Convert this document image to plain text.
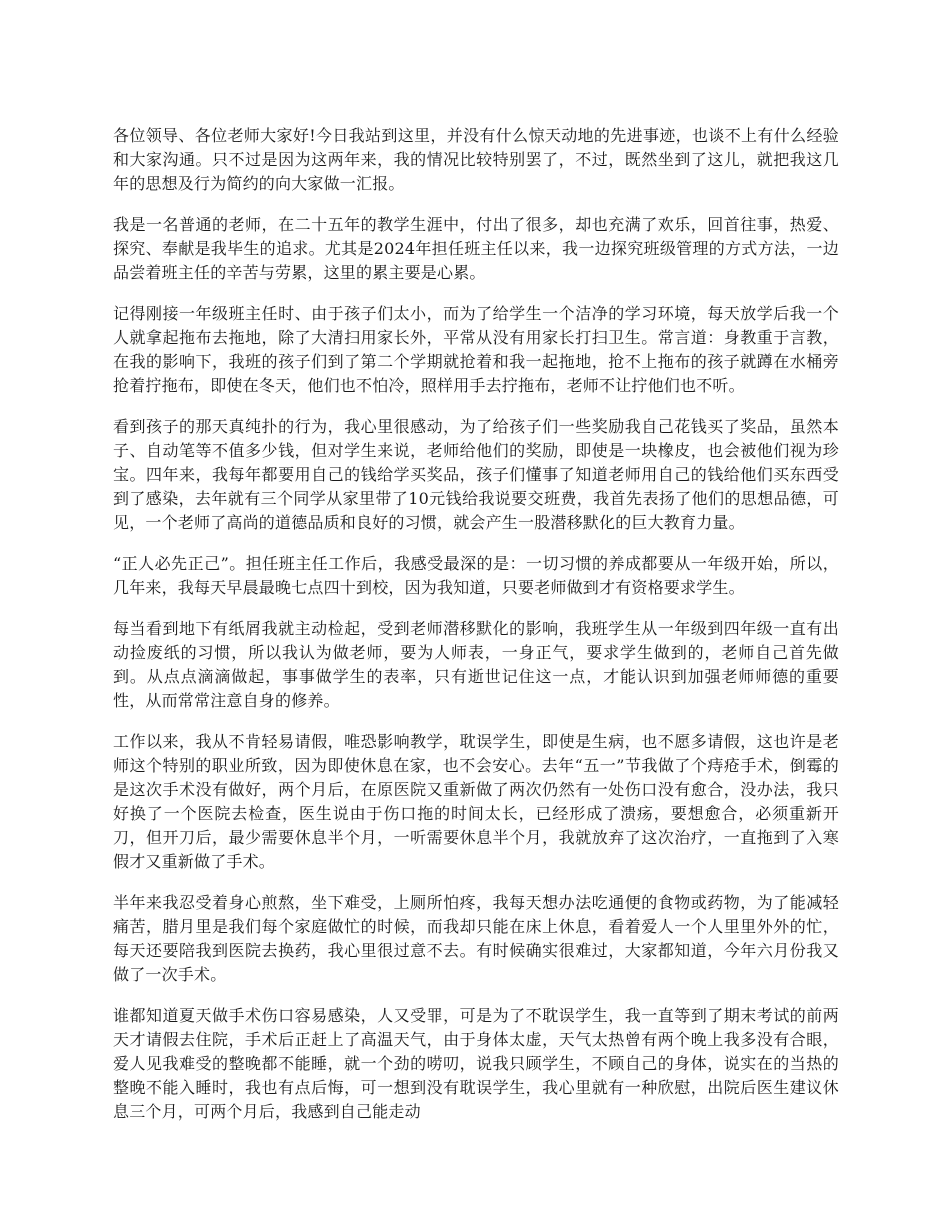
各位领导、各位老师大家好!今日我站到这里，并没有什么惊天动地的先进事迹，也谈不上有什么经验和大家沟通。只不过是因为这两年来，我的情况比较特别罢了，不过，既然坐到了这儿，就把我这几年的思想及行为简约的向大家做一汇报。

我是一名普通的老师，在二十五年的教学生涯中，付出了很多，却也充满了欢乐，回首往事，热爱、探究、奉献是我毕生的追求。尤其是2024年担任班主任以来，我一边探究班级管理的方式方法，一边品尝着班主任的辛苦与劳累，这里的累主要是心累。

记得刚接一年级班主任时、由于孩子们太小，而为了给学生一个洁净的学习环境，每天放学后我一个人就拿起拖布去拖地，除了大清扫用家长外，平常从没有用家长打扫卫生。常言道：身教重于言教，在我的影响下，我班的孩子们到了第二个学期就抢着和我一起拖地，抢不上拖布的孩子就蹲在水桶旁抢着拧拖布，即使在冬天，他们也不怕冷，照样用手去拧拖布，老师不让拧他们也不听。

看到孩子的那天真纯扑的行为，我心里很感动，为了给孩子们一些奖励我自己花钱买了奖品，虽然本子、自动笔等不值多少钱，但对学生来说，老师给他们的奖励，即使是一块橡皮，也会被他们视为珍宝。四年来，我每年都要用自己的钱给学买奖品，孩子们懂事了知道老师用自己的钱给他们买东西受到了感染，去年就有三个同学从家里带了10元钱给我说要交班费，我首先表扬了他们的思想品德，可见，一个老师了高尚的道德品质和良好的习惯，就会产生一股潜移默化的巨大教育力量。

“正人必先正己”。担任班主任工作后，我感受最深的是：一切习惯的养成都要从一年级开始，所以，几年来，我每天早晨最晚七点四十到校，因为我知道，只要老师做到才有资格要求学生。

每当看到地下有纸屑我就主动检起，受到老师潜移默化的影响，我班学生从一年级到四年级一直有出动捡废纸的习惯，所以我认为做老师，要为人师表，一身正气，要求学生做到的，老师自己首先做到。从点点滴滴做起，事事做学生的表率，只有逝世记住这一点，才能认识到加强老师师德的重要性，从而常常注意自身的修养。

工作以来，我从不肯轻易请假，唯恐影响教学，耽误学生，即使是生病，也不愿多请假，这也许是老师这个特别的职业所致，因为即使休息在家，也不会安心。去年“五一”节我做了个痔疮手术，倒霉的是这次手术没有做好，两个月后，在原医院又重新做了两次仍然有一处伤口没有愈合，没办法，我只好换了一个医院去检查，医生说由于伤口拖的时间太长，已经形成了溃疡，要想愈合，必须重新开刀，但开刀后，最少需要休息半个月，一听需要休息半个月，我就放弃了这次治疗，一直拖到了入寒假才又重新做了手术。

半年来我忍受着身心煎熬，坐下难受，上厕所怕疼，我每天想办法吃通便的食物或药物，为了能减轻痛苦，腊月里是我们每个家庭做忙的时候，而我却只能在床上休息，看着爱人一个人里里外外的忙，每天还要陪我到医院去换药，我心里很过意不去。有时候确实很难过，大家都知道，今年六月份我又做了一次手术。

谁都知道夏天做手术伤口容易感染，人又受罪，可是为了不耽误学生，我一直等到了期末考试的前两天才请假去住院，手术后正赶上了高温天气，由于身体太虚，天气太热曾有两个晚上我多没有合眼，爱人见我难受的整晚都不能睡，就一个劲的唠叨，说我只顾学生，不顾自己的身体，说实在的当热的整晚不能入睡时，我也有点后悔，可一想到没有耽误学生，我心里就有一种欣慰，出院后医生建议休息三个月，可两个月后，我感到自己能走动
